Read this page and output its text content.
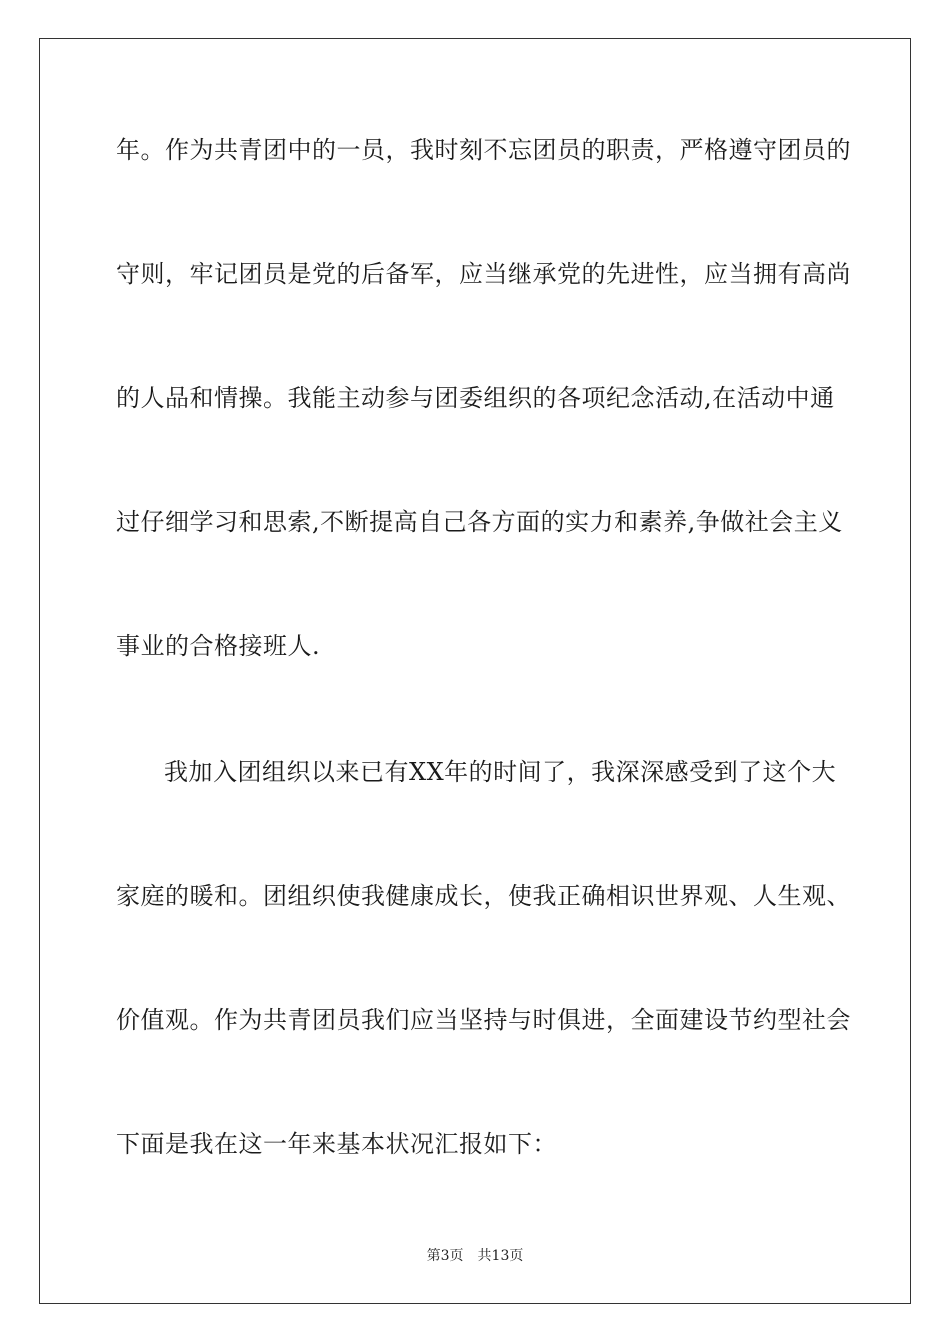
年。作为共青团中的一员，我时刻不忘团员的职责，严格遵守团员的
守则，牢记团员是党的后备军，应当继承党的先进性，应当拥有高尚
的人品和情操。我能主动参与团委组织的各项纪念活动,在活动中通
过仔细学习和思索,不断提高自己各方面的实力和素养,争做社会主义
事业的合格接班人.
我加入团组织以来已有XX年的时间了，我深深感受到了这个大
家庭的暖和。团组织使我健康成长，使我正确相识世界观、人生观、
价值观。作为共青团员我们应当坚持与时俱进，全面建设节约型社会
下面是我在这一年来基本状况汇报如下：
第3页 共13页
